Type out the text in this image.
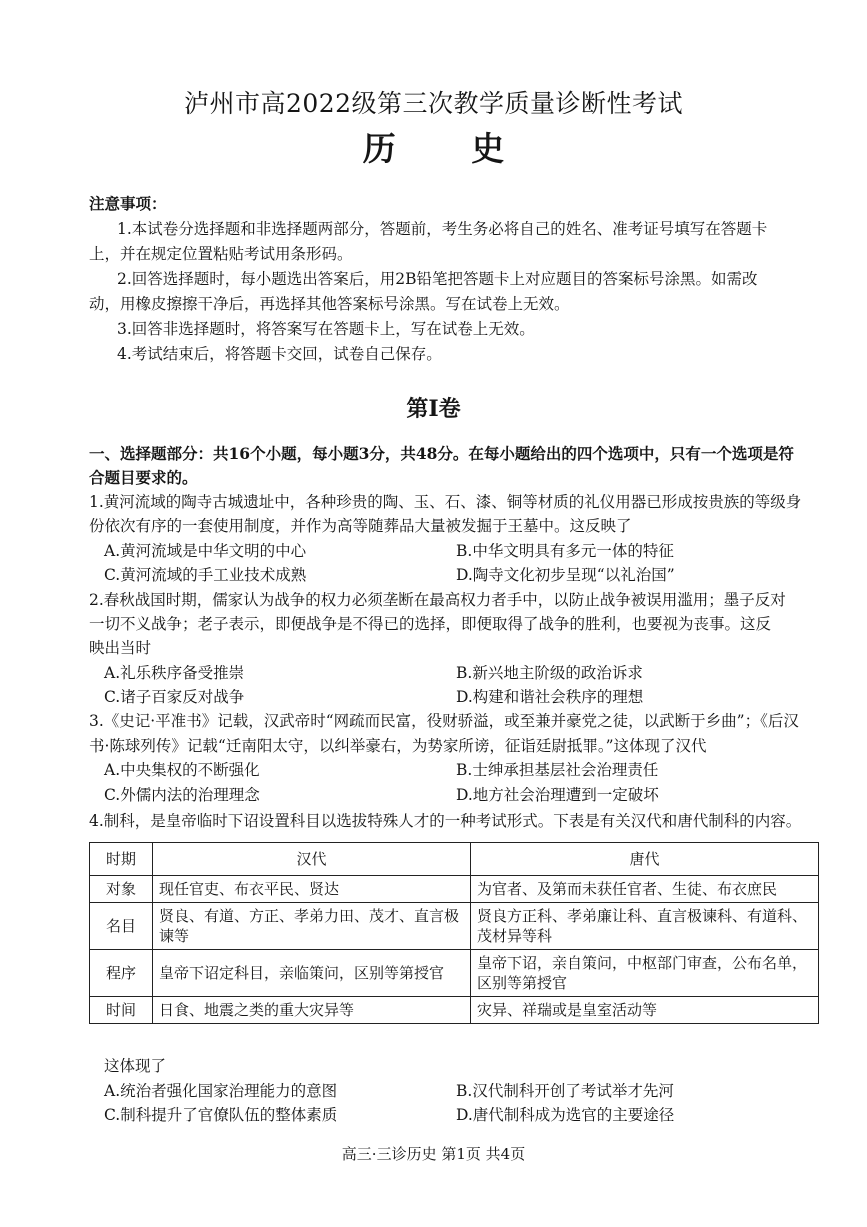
泸州市高2022级第三次教学质量诊断性考试
历 史
注意事项：
1.本试卷分选择题和非选择题两部分，答题前，考生务必将自己的姓名、准考证号填写在答题卡
上，并在规定位置粘贴考试用条形码。
2.回答选择题时，每小题选出答案后，用2B铅笔把答题卡上对应题目的答案标号涂黑。如需改
动，用橡皮擦擦干净后，再选择其他答案标号涂黑。写在试卷上无效。
3.回答非选择题时，将答案写在答题卡上，写在试卷上无效。
4.考试结束后，将答题卡交回，试卷自己保存。
第Ⅰ卷
一、选择题部分：共16个小题，每小题3分，共48分。在每小题给出的四个选项中，只有一个选项是符
合题目要求的。
1.黄河流域的陶寺古城遗址中，各种珍贵的陶、玉、石、漆、铜等材质的礼仪用器已形成按贵族的等级身
份依次有序的一套使用制度，并作为高等随葬品大量被发掘于王墓中。这反映了
A.黄河流域是中华文明的中心	B.中华文明具有多元一体的特征
C.黄河流域的手工业技术成熟	D.陶寺文化初步呈现“以礼治国”
2.春秋战国时期，儒家认为战争的权力必须垄断在最高权力者手中，以防止战争被误用滥用；墨子反对
一切不义战争；老子表示，即便战争是不得已的选择，即便取得了战争的胜利，也要视为丧事。这反
映出当时
A.礼乐秩序备受推崇	B.新兴地主阶级的政治诉求
C.诸子百家反对战争	D.构建和谐社会秩序的理想
3.《史记·平准书》记载，汉武帝时“网疏而民富，役财骄溢，或至兼并豪党之徒，以武断于乡曲”；《后汉
书·陈球列传》记载“迁南阳太守，以纠举豪右，为势家所谤，征诣廷尉抵罪。”这体现了汉代
A.中央集权的不断强化	B.士绅承担基层社会治理责任
C.外儒内法的治理理念	D.地方社会治理遭到一定破坏
4.制科，是皇帝临时下诏设置科目以选拔特殊人才的一种考试形式。下表是有关汉代和唐代制科的内容。
时期	汉代	唐代
对象	现任官吏、布衣平民、贤达	为官者、及第而未获任官者、生徒、布衣庶民
名目	贤良、有道、方正、孝弟力田、茂才、直言极谏等	贤良方正科、孝弟廉让科、直言极谏科、有道科、茂材异等科
程序	皇帝下诏定科目，亲临策问，区别等第授官	皇帝下诏，亲自策问，中枢部门审查，公布名单，区别等第授官
时间	日食、地震之类的重大灾异等	灾异、祥瑞或是皇室活动等
这体现了
A.统治者强化国家治理能力的意图	B.汉代制科开创了考试举才先河
C.制科提升了官僚队伍的整体素质	D.唐代制科成为选官的主要途径
高三·三诊历史 第1页 共4页
